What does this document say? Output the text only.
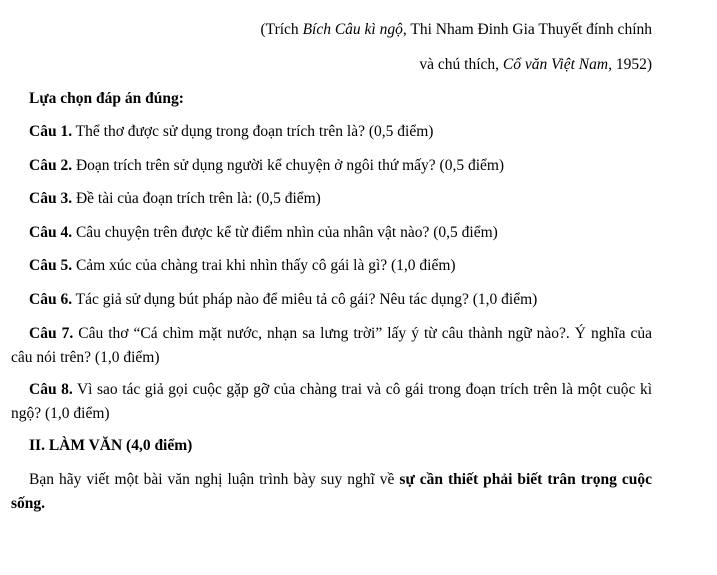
(Trích Bích Câu kì ngộ, Thi Nham Đinh Gia Thuyết đính chính
và chú thích, Cổ văn Việt Nam, 1952)
Lựa chọn đáp án đúng:
Câu 1. Thể thơ được sử dụng trong đoạn trích trên là? (0,5 điểm)
Câu 2. Đoạn trích trên sử dụng người kể chuyện ở ngôi thứ mấy? (0,5 điểm)
Câu 3. Đề tài của đoạn trích trên là: (0,5 điểm)
Câu 4. Câu chuyện trên được kể từ điểm nhìn của nhân vật nào? (0,5 điểm)
Câu 5. Cảm xúc của chàng trai khi nhìn thấy cô gái là gì? (1,0 điểm)
Câu 6. Tác giả sử dụng bút pháp nào để miêu tả cô gái? Nêu tác dụng? (1,0 điểm)
Câu 7. Câu thơ “Cá chìm mặt nước, nhạn sa lưng trời” lấy ý từ câu thành ngữ nào?. Ý nghĩa của câu nói trên? (1,0 điểm)
Câu 8. Vì sao tác giả gọi cuộc gặp gỡ của chàng trai và cô gái trong đoạn trích trên là một cuộc kì ngộ? (1,0 điểm)
II. LÀM VĂN (4,0 điểm)
Bạn hãy viết một bài văn nghị luận trình bày suy nghĩ về sự cần thiết phải biết trân trọng cuộc sống.
